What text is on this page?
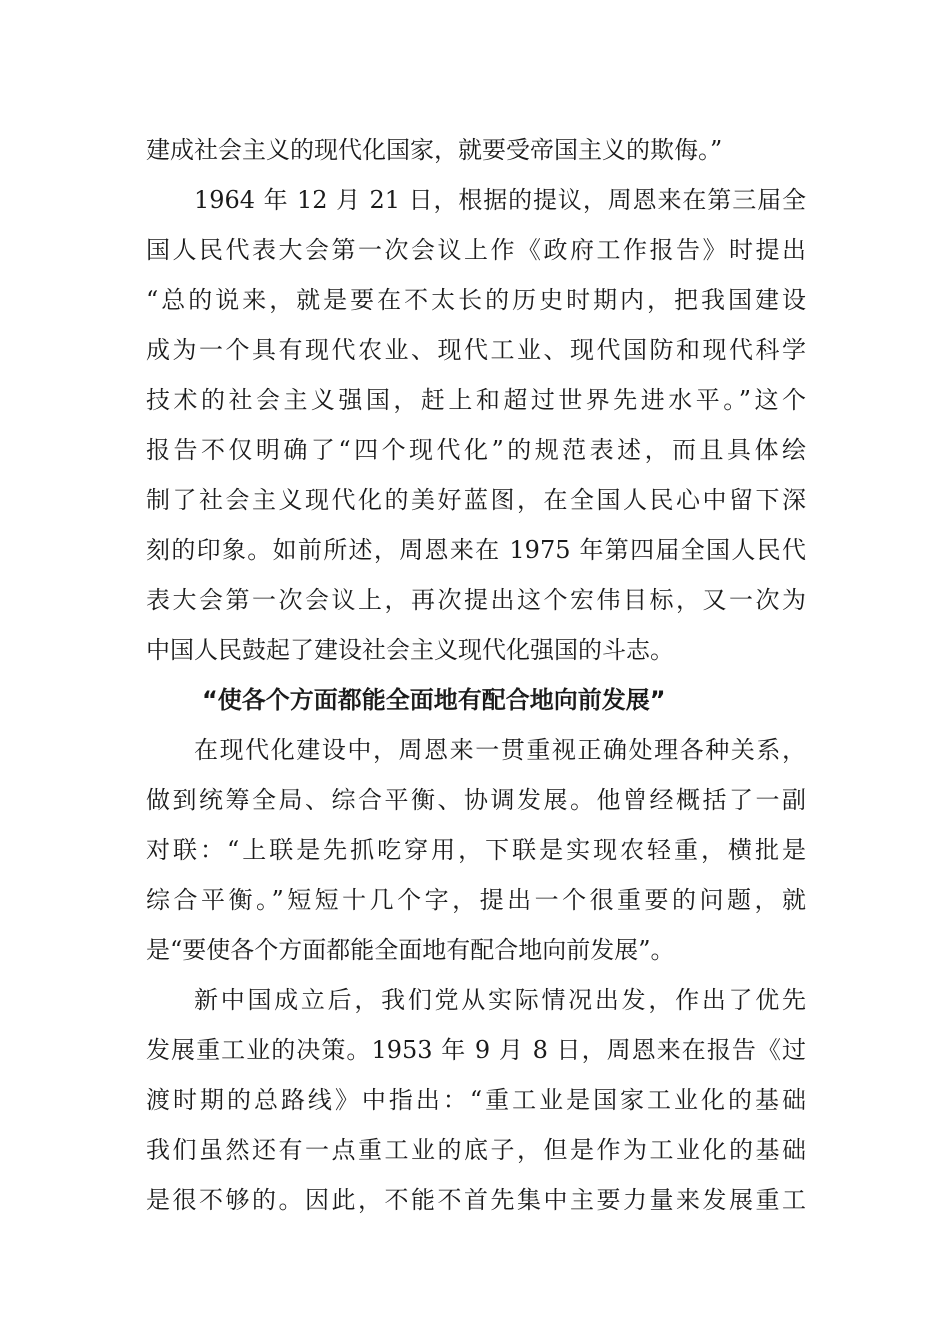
建成社会主义的现代化国家，就要受帝国主义的欺侮。”
1964 年 12 月 21 日，根据的提议，周恩来在第三届全
国人民代表大会第一次会议上作《政府工作报告》时提出
“总的说来，就是要在不太长的历史时期内，把我国建设
成为一个具有现代农业、现代工业、现代国防和现代科学
技术的社会主义强国，赶上和超过世界先进水平。”这个
报告不仅明确了“四个现代化”的规范表述，而且具体绘
制了社会主义现代化的美好蓝图，在全国人民心中留下深
刻的印象。如前所述，周恩来在 1975 年第四届全国人民代
表大会第一次会议上，再次提出这个宏伟目标，又一次为
中国人民鼓起了建设社会主义现代化强国的斗志。
“使各个方面都能全面地有配合地向前发展”
在现代化建设中，周恩来一贯重视正确处理各种关系，
做到统筹全局、综合平衡、协调发展。他曾经概括了一副
对联：“上联是先抓吃穿用，下联是实现农轻重，横批是
综合平衡。”短短十几个字，提出一个很重要的问题，就
是“要使各个方面都能全面地有配合地向前发展”。
新中国成立后，我们党从实际情况出发，作出了优先
发展重工业的决策。1953 年 9 月 8 日，周恩来在报告《过
渡时期的总路线》中指出：“重工业是国家工业化的基础
我们虽然还有一点重工业的底子，但是作为工业化的基础
是很不够的。因此，不能不首先集中主要力量来发展重工
